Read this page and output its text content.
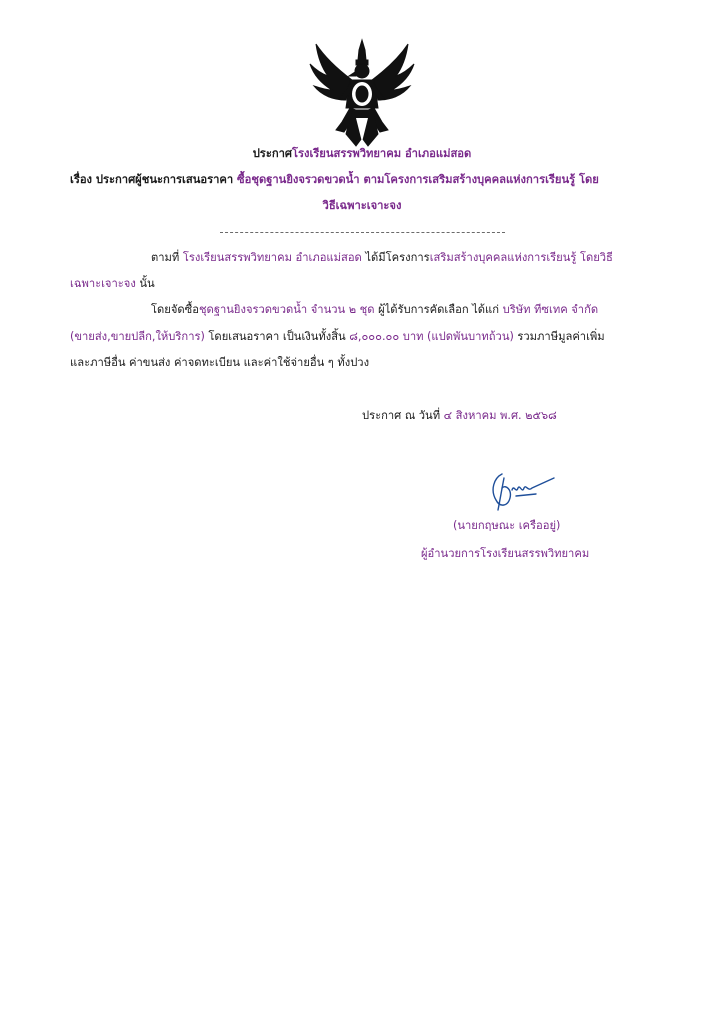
ประกาศโรงเรียนสรรพวิทยาคม อำเภอแม่สอด
เรื่อง ประกาศผู้ชนะการเสนอราคา ซื้อชุดฐานยิงจรวดขวดน้ำ ตามโครงการเสริมสร้างบุคคลแห่งการเรียนรู้ โดย
วิธีเฉพาะเจาะจง
ตามที่ โรงเรียนสรรพวิทยาคม อำเภอแม่สอด ได้มีโครงการเสริมสร้างบุคคลแห่งการเรียนรู้ โดยวิธี
เฉพาะเจาะจง นั้น
โดยจัดซื้อชุดฐานยิงจรวดขวดน้ำ จำนวน ๒ ชุด ผู้ได้รับการคัดเลือก ได้แก่ บริษัท ทีซเทค จำกัด
(ขายส่ง,ขายปลีก,ให้บริการ) โดยเสนอราคา เป็นเงินทั้งสิ้น ๘,๐๐๐.๐๐ บาท (แปดพันบาทถ้วน) รวมภาษีมูลค่าเพิ่ม
และภาษีอื่น ค่าขนส่ง ค่าจดทะเบียน และค่าใช้จ่ายอื่น ๆ ทั้งปวง
ประกาศ ณ วันที่ ๔ สิงหาคม พ.ศ. ๒๕๖๘
(นายกฤษณะ เครืออยู่)
ผู้อำนวยการโรงเรียนสรรพวิทยาคม
